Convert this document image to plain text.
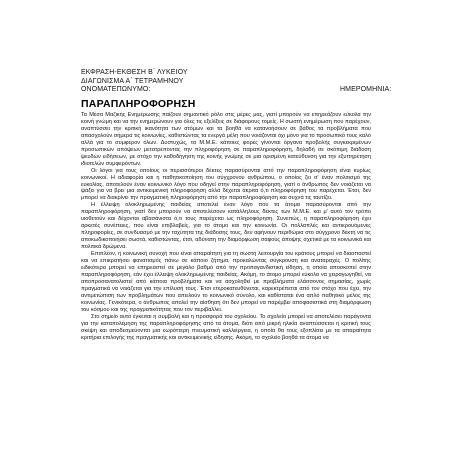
ΕΚΦΡΑΣΗ-ΕΚΘΕΣΗ Β΄ ΛΥΚΕΙΟΥ
ΔΙΑΓΩΝΙΣΜΑ Α΄ ΤΕΤΡΑΜΗΝΟΥ
ΟΝΟΜΑΤΕΠΩΝΥΜΟ:	ΗΜΕΡΟΜΗΝΙΑ:
ΠΑΡΑΠΛΗΡΟΦΟΡΗΣΗ

Τα Μέσα Μαζικής Ενημέρωσης παίζουν σημαντικό ρόλο στις μέρες μας, γιατί μπορούν να επηρεάζουν εύκολα την κοινή γνώμη και να την ενημερώνουν για όλες τις εξελίξεις σε διάφορους τομείς. Η σωστή ενημέρωση που παρέχουν, αναπτύσσει την κριτική ικανότητα των ατόμων και τα βοηθά να κατανοήσουν σε βάθος τα προβλήματα που απασχολούν σήμερα τις κοινωνίες, καθιστώντας τα ενεργά μέλη που νοιάζονται όχι μόνο για το προσωπικό τους καλό αλλά για το συμφέρον όλων. Δυστυχώς, τα Μ.Μ.Ε. κάποιες φορές γίνονται όργανα προβολής συγκεκριμένων προσωπικών απόψεων μετατρέποντας την πληροφόρηση σε παραπληροφόρηση, δηλαδή σε σκόπιμη διάδοση ψευδών ειδήσεων, με στόχο την καθοδήγηση της κοινής γνώμης σε μια ορισμένη κατεύθυνση για την εξυπηρέτηση ιδιοτελών συμφερόντων.

Οι λόγοι για τους οποίους οι περισσότεροι δέκτες παρασύρονται από την παραπληροφόρηση είναι κυρίως κοινωνικοί. Η αδιαφορία και η παθητικοποίηση του σύγχρονου ανθρώπου, ο οποίος ζει σ' έναν πολιτισμό της ευκολίας, αποτελούν έναν κοινωνικό λόγο που οδηγεί στην παραπληροφόρηση, γιατί ο άνθρωπος δεν νοιάζεται να ψάξει για να βρει μια αντικειμενική πληροφόρηση αλλά δέχεται άκριτα ό,τι πληροφόρηση του παρέχεται. Έτσι, δεν μπορεί να διακρίνει την πραγματική πληροφόρηση από την παραπληροφόρηση και συχνά τις ταυτίζει.

Η έλλειψη ολοκληρωμένης παιδείας αποτελεί έναν λόγο που τα άτομα παρασύρονται από την παραπληροφόρηση, γιατί δεν μπορούν να αποτελέσουν κατάλληλους δέκτες των Μ.Μ.Ε. και μ' αυτό τον τρόπο υιοθετούν και δέχονται αβασάνιστα ό,τι τους παρέχεται ως πληροφόρηση. Συνεπώς, η παραπληροφόρηση έχει αρκετές συνέπειες, που είναι επιβλαβείς, για το άτομο και την κοινωνία. Οι πολλαπλές και αντικρουόμενες πληροφορίες, σε συνδυασμό με την ταχύτητα της διάδοσης τους, δεν αφήνουν περιθώρια στο σύγχρονο δέκτη να τις αποκωδικοποιήσει σωστά, καθιστώντας, έτσι, αδύνατη την διαμόρφωση σαφούς άποψης σχετικά με τα κοινωνικά και πολιτικά δρώμενα.

Επιπλέον, η κοινωνική συνοχή που είναι απαραίτητη για τη σωστή λειτουργία του κράτους μπορεί να διασπαστεί και να επικρατήσει φανατισμός πάνω σε κάποιο ζήτημα, προκαλώντας σύγκρουση και αναταραχές. Ο πολίτης ειδικότερα μπορεί να επηρεαστεί σε μεγάλο βαθμό από την προπαγανδιστική είδηση, η οποία αποσκοπεί στην παραπληροφόρηση, εάν έχει έλλειψη ολοκληρωμένης παιδείας. Ακόμη, το άτομο μπορεί εύκολα να χειραγωγηθεί, να αποπροσανατολιστεί από κάποια προβλήματα και να ασχοληθεί με προβλήματα ελάσσονος σημασίας, χωρίς πραγματικά να νοιάζεται για την επίλυσή τους. Έτσι ετεροκατευθύνεται, καρεκτρέπεται από τον στόχο που έχει, την αντιμετώπιση των προβλημάτων που απειλούν το κοινωνικό σύνολο, και καθίσταται ένα απλό παθητικό μέλος της κοινωνίας. Γενικότερα, ο άνθρωπος απολεί την αίσθηση ότι δεν μπορεί να παρέμβει αποφασιστικά στη διαμόρφωση του κόσμου και της πραγματικότητας που τον περιβάλλει.

Στο σημείο αυτό έγκειται η συμβολή και η προσφορά του σχολείου. Το σχολείο μπορεί να αποτελέσει παράγοντα για την καταπολέμηση της παραπληροφόρησης από τα άτομα, διότι από μικρή ηλικία αναπτύσσεται η κριτική τους σκέψη και αποδεσμεύονται μια εωρόττερη πνευματική καλλιέργεια, η οποία θα τους εξοπλίσει με τα απαραίτητα κριτήρια επιλογής της πραγματικής και αντικειμενικής είδησης. Ακόμη, το σχολείο βοηθά τα άτομα να
